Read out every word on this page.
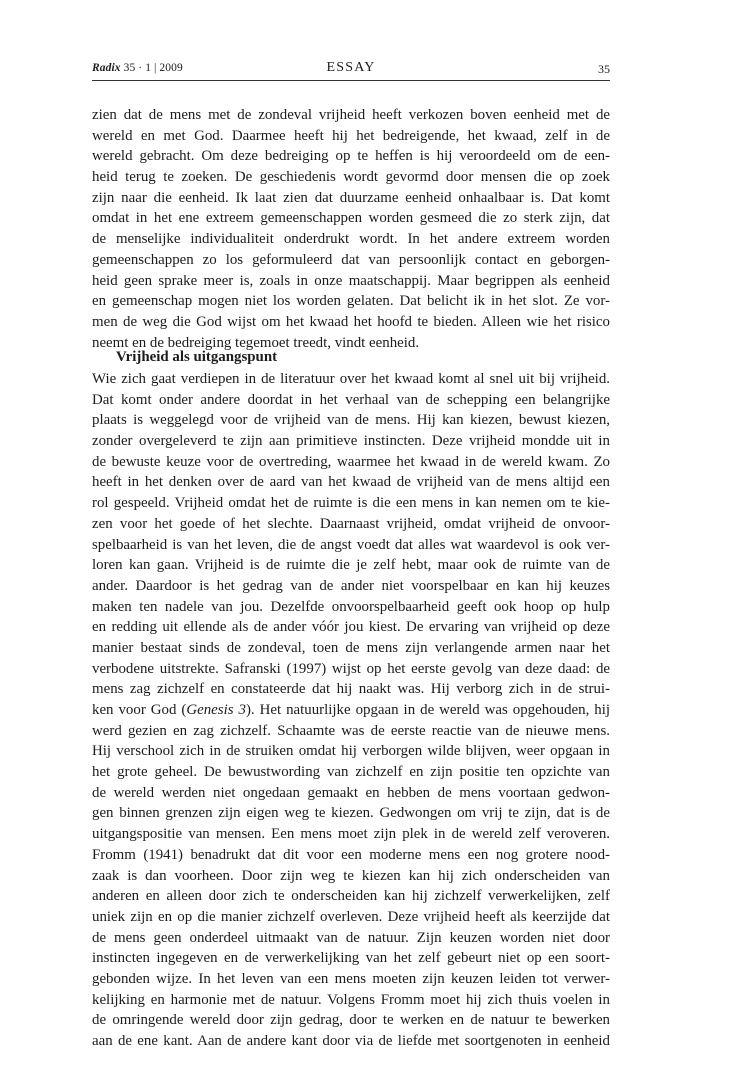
Radix 35 · 1 | 2009	ESSAY	35
zien dat de mens met de zondeval vrijheid heeft verkozen boven eenheid met de
wereld en met God. Daarmee heeft hij het bedreigende, het kwaad, zelf in de
wereld gebracht. Om deze bedreiging op te heffen is hij veroordeeld om de een-
heid terug te zoeken. De geschiedenis wordt gevormd door mensen die op zoek
zijn naar die eenheid. Ik laat zien dat duurzame eenheid onhaalbaar is. Dat komt
omdat in het ene extreem gemeenschappen worden gesmeed die zo sterk zijn, dat
de menselijke individualiteit onderdrukt wordt. In het andere extreem worden
gemeenschappen zo los geformuleerd dat van persoonlijk contact en geborgen-
heid geen sprake meer is, zoals in onze maatschappij. Maar begrippen als eenheid
en gemeenschap mogen niet los worden gelaten. Dat belicht ik in het slot. Ze vor-
men de weg die God wijst om het kwaad het hoofd te bieden. Alleen wie het risico
neemt en de bedreiging tegemoet treedt, vindt eenheid.
Vrijheid als uitgangspunt
Wie zich gaat verdiepen in de literatuur over het kwaad komt al snel uit bij vrijheid.
Dat komt onder andere doordat in het verhaal van de schepping een belangrijke
plaats is weggelegd voor de vrijheid van de mens. Hij kan kiezen, bewust kiezen,
zonder overgeleverd te zijn aan primitieve instincten. Deze vrijheid mondde uit in
de bewuste keuze voor de overtreding, waarmee het kwaad in de wereld kwam. Zo
heeft in het denken over de aard van het kwaad de vrijheid van de mens altijd een
rol gespeeld. Vrijheid omdat het de ruimte is die een mens in kan nemen om te kie-
zen voor het goede of het slechte. Daarnaast vrijheid, omdat vrijheid de onvoor-
spelbaarheid is van het leven, die de angst voedt dat alles wat waardevol is ook ver-
loren kan gaan. Vrijheid is de ruimte die je zelf hebt, maar ook de ruimte van de
ander. Daardoor is het gedrag van de ander niet voorspelbaar en kan hij keuzes
maken ten nadele van jou. Dezelfde onvoorspelbaarheid geeft ook hoop op hulp
en redding uit ellende als de ander vóór jou kiest. De ervaring van vrijheid op deze
manier bestaat sinds de zondeval, toen de mens zijn verlangende armen naar het
verbodene uitstrekte. Safranski (1997) wijst op het eerste gevolg van deze daad: de
mens zag zichzelf en constateerde dat hij naakt was. Hij verborg zich in de strui-
ken voor God (Genesis 3). Het natuurlijke opgaan in de wereld was opgehouden, hij
werd gezien en zag zichzelf. Schaamte was de eerste reactie van de nieuwe mens.
Hij verschool zich in de struiken omdat hij verborgen wilde blijven, weer opgaan in
het grote geheel. De bewustwording van zichzelf en zijn positie ten opzichte van
de wereld werden niet ongedaan gemaakt en hebben de mens voortaan gedwon-
gen binnen grenzen zijn eigen weg te kiezen. Gedwongen om vrij te zijn, dat is de
uitgangspositie van mensen. Een mens moet zijn plek in de wereld zelf veroveren.
Fromm (1941) benadrukt dat dit voor een moderne mens een nog grotere nood-
zaak is dan voorheen. Door zijn weg te kiezen kan hij zich onderscheiden van
anderen en alleen door zich te onderscheiden kan hij zichzelf verwerkelijken, zelf
uniek zijn en op die manier zichzelf overleven. Deze vrijheid heeft als keerzijde dat
de mens geen onderdeel uitmaakt van de natuur. Zijn keuzen worden niet door
instincten ingegeven en de verwerkelijking van het zelf gebeurt niet op een soort-
gebonden wijze. In het leven van een mens moeten zijn keuzen leiden tot verwer-
kelijking en harmonie met de natuur. Volgens Fromm moet hij zich thuis voelen in
de omringende wereld door zijn gedrag, door te werken en de natuur te bewerken
aan de ene kant. Aan de andere kant door via de liefde met soortgenoten in eenheid
